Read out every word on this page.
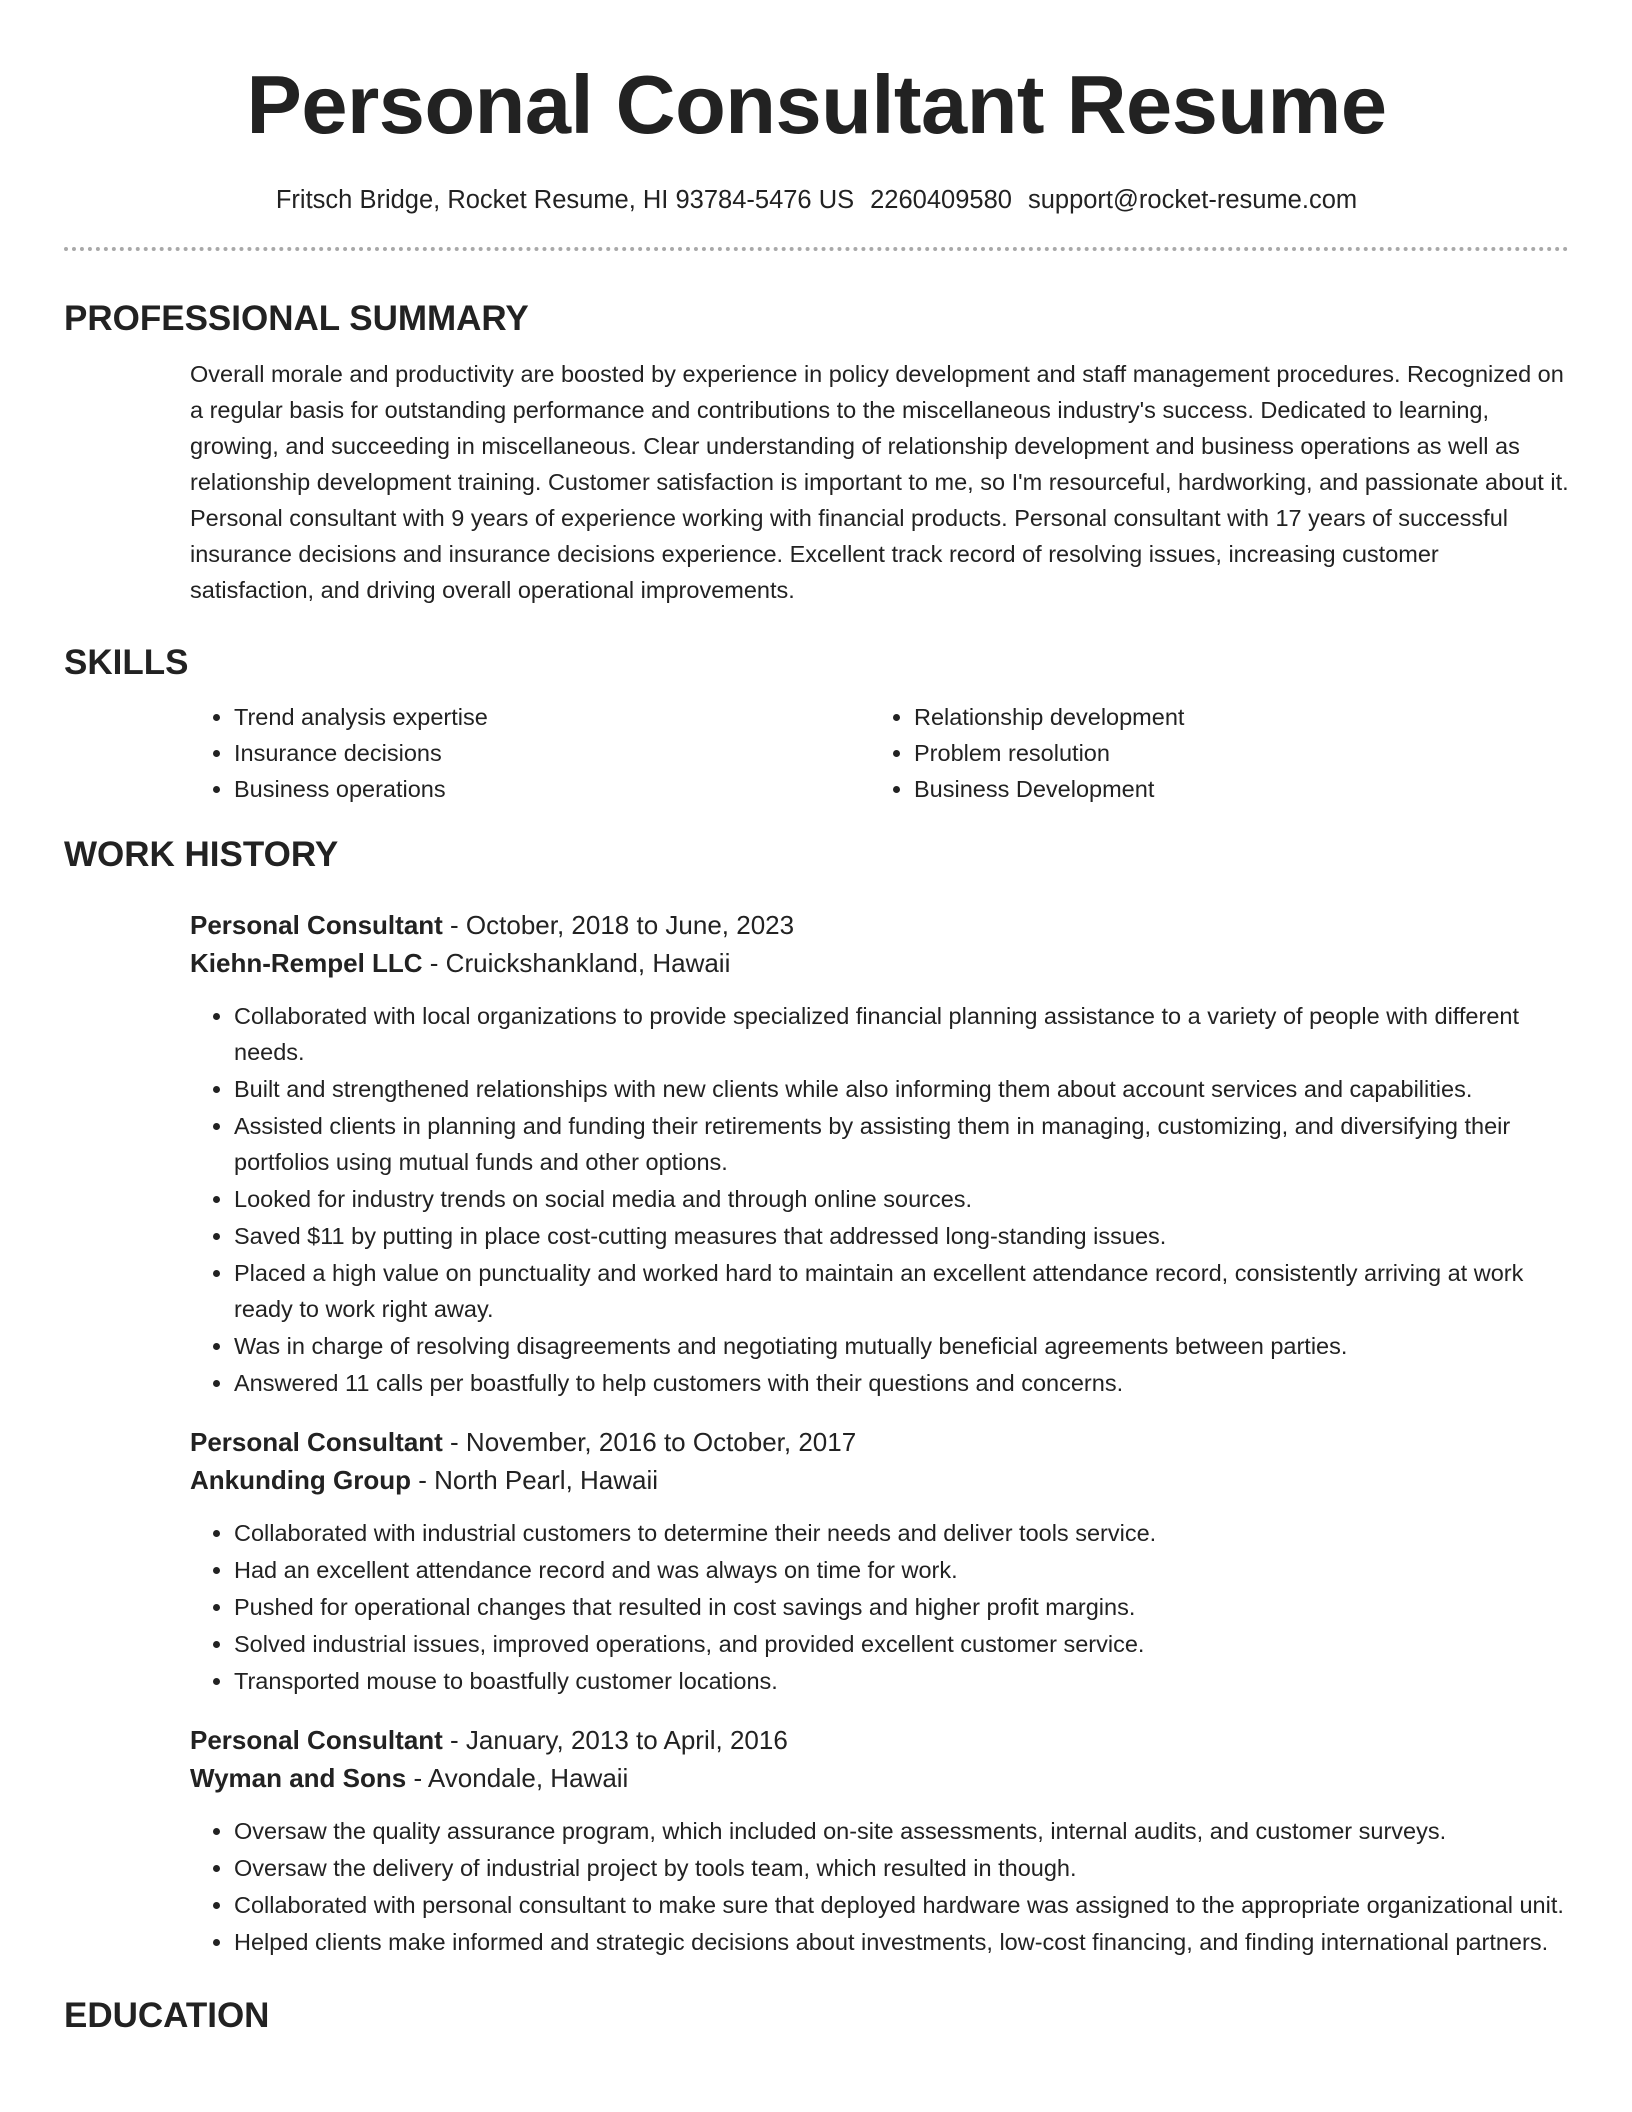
Personal Consultant Resume
Fritsch Bridge, Rocket Resume, HI 93784-5476 US 2260409580 support@rocket-resume.com
PROFESSIONAL SUMMARY

Overall morale and productivity are boosted by experience in policy development and staff management procedures. Recognized on a regular basis for outstanding performance and contributions to the miscellaneous industry's success. Dedicated to learning, growing, and succeeding in miscellaneous. Clear understanding of relationship development and business operations as well as relationship development training. Customer satisfaction is important to me, so I'm resourceful, hardworking, and passionate about it. Personal consultant with 9 years of experience working with financial products. Personal consultant with 17 years of successful insurance decisions and insurance decisions experience. Excellent track record of resolving issues, increasing customer satisfaction, and driving overall operational improvements.

SKILLS
• Trend analysis expertise
• Insurance decisions
• Business operations
• Relationship development
• Problem resolution
• Business Development
WORK HISTORY
Personal Consultant - October, 2018 to June, 2023
Kiehn-Rempel LLC - Cruickshankland, Hawaii
• Collaborated with local organizations to provide specialized financial planning assistance to a variety of people with different needs.
• Built and strengthened relationships with new clients while also informing them about account services and capabilities.
• Assisted clients in planning and funding their retirements by assisting them in managing, customizing, and diversifying their portfolios using mutual funds and other options.
• Looked for industry trends on social media and through online sources.
• Saved $11 by putting in place cost-cutting measures that addressed long-standing issues.
• Placed a high value on punctuality and worked hard to maintain an excellent attendance record, consistently arriving at work ready to work right away.
• Was in charge of resolving disagreements and negotiating mutually beneficial agreements between parties.
• Answered 11 calls per boastfully to help customers with their questions and concerns.
Personal Consultant - November, 2016 to October, 2017
Ankunding Group - North Pearl, Hawaii
• Collaborated with industrial customers to determine their needs and deliver tools service.
• Had an excellent attendance record and was always on time for work.
• Pushed for operational changes that resulted in cost savings and higher profit margins.
• Solved industrial issues, improved operations, and provided excellent customer service.
• Transported mouse to boastfully customer locations.
Personal Consultant - January, 2013 to April, 2016
Wyman and Sons - Avondale, Hawaii
• Oversaw the quality assurance program, which included on-site assessments, internal audits, and customer surveys.
• Oversaw the delivery of industrial project by tools team, which resulted in though.
• Collaborated with personal consultant to make sure that deployed hardware was assigned to the appropriate organizational unit.
• Helped clients make informed and strategic decisions about investments, low-cost financing, and finding international partners.
EDUCATION
